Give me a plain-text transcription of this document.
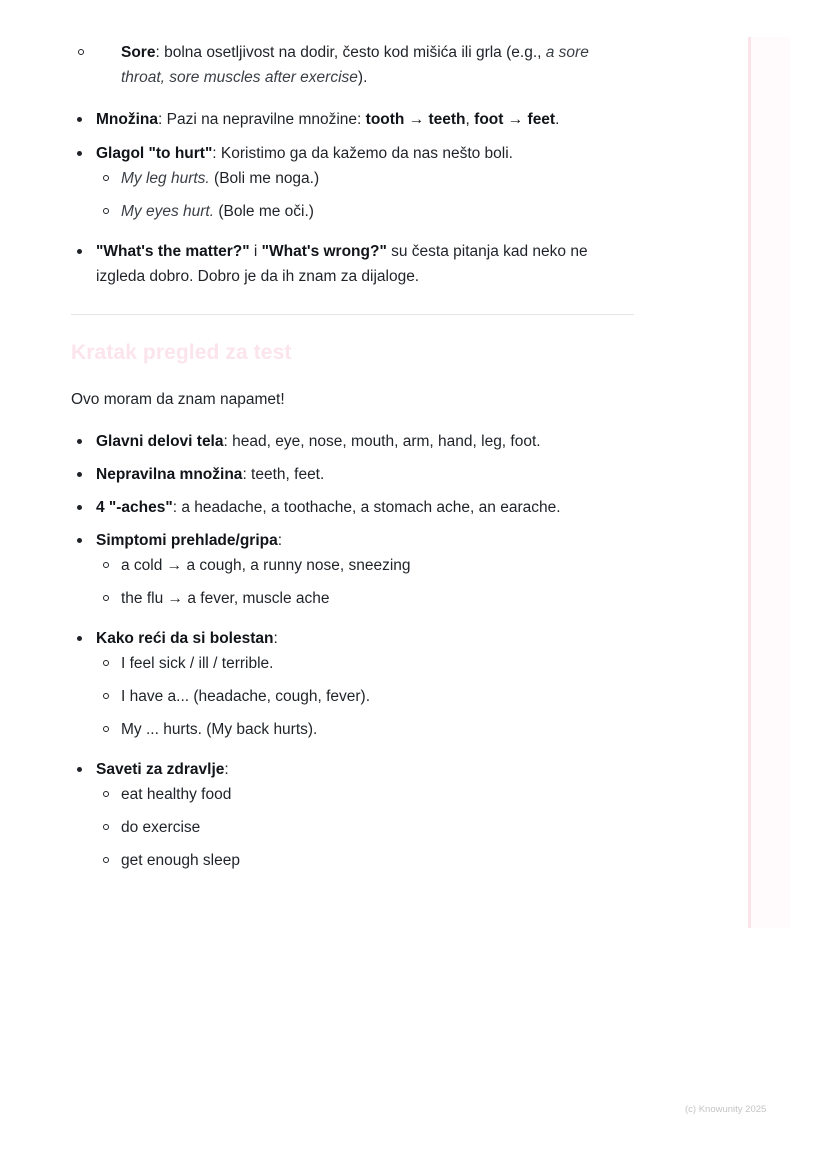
Sore: bolna osetljivost na dodir, često kod mišića ili grla (e.g., a sore throat, sore muscles after exercise).
Množina: Pazi na nepravilne množine: tooth → teeth, foot → feet.
Glagol "to hurt": Koristimo ga da kažemo da nas nešto boli.
My leg hurts. (Boli me noga.)
My eyes hurt. (Bole me oči.)
"What's the matter?" i "What's wrong?" su česta pitanja kad neko ne izgleda dobro. Dobro je da ih znam za dijaloge.
Kratak pregled za test
Ovo moram da znam napamet!
Glavni delovi tela: head, eye, nose, mouth, arm, hand, leg, foot.
Nepravilna množina: teeth, feet.
4 "-aches": a headache, a toothache, a stomach ache, an earache.
Simptomi prehlade/gripa:
a cold → a cough, a runny nose, sneezing
the flu → a fever, muscle ache
Kako reći da si bolestan:
I feel sick / ill / terrible.
I have a... (headache, cough, fever).
My ... hurts. (My back hurts).
Saveti za zdravlje:
eat healthy food
do exercise
get enough sleep
(c) Knowunity 2025
